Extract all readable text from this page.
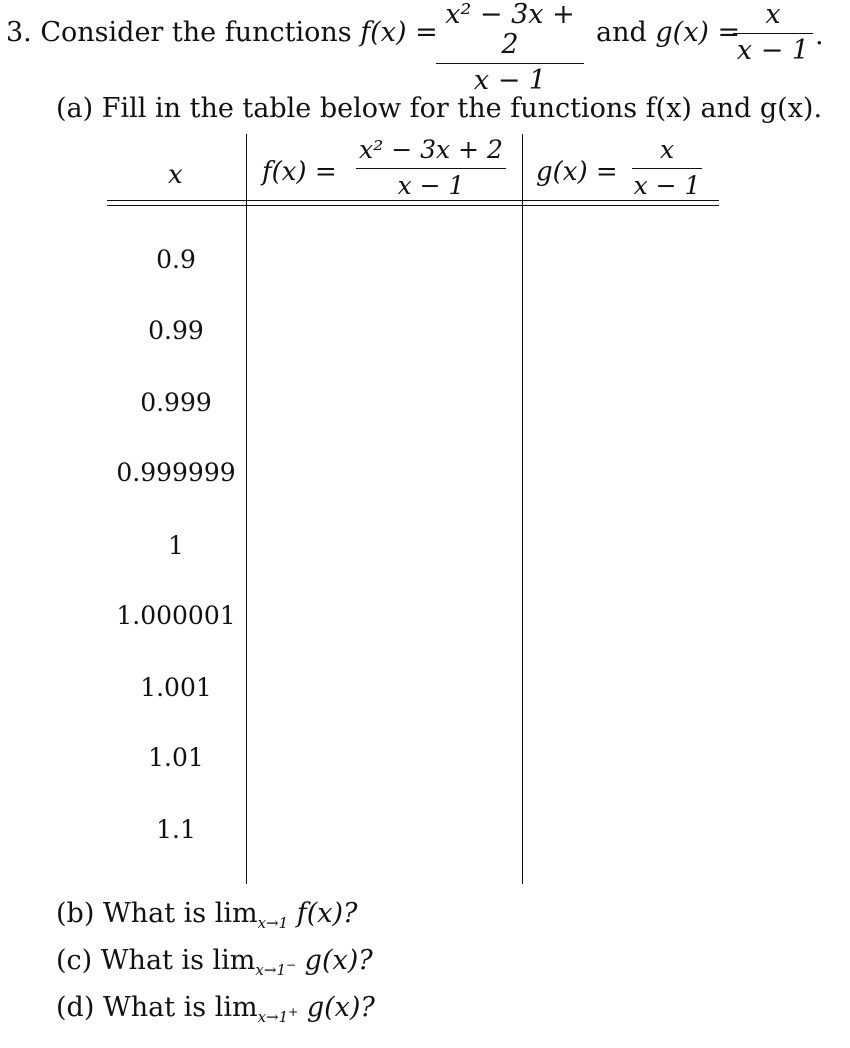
3. Consider the functions f(x) =
x² − 3x + 2
x − 1
and g(x) =
x
x − 1 .
(a) Fill in the table below for the functions f(x) and g(x).
x	f(x) =
x² − 3x + 2
x − 1	g(x) =
x
x − 1
0.9
0.99
0.999
0.999999
1
1.000001
1.001
1.01
1.1
(b) What is $\lim_{x\to 1} f(x)$?
(c) What is $\lim_{x\to 1^-} g(x)$?
(d) What is $\lim_{x\to 1^+} g(x)$?
